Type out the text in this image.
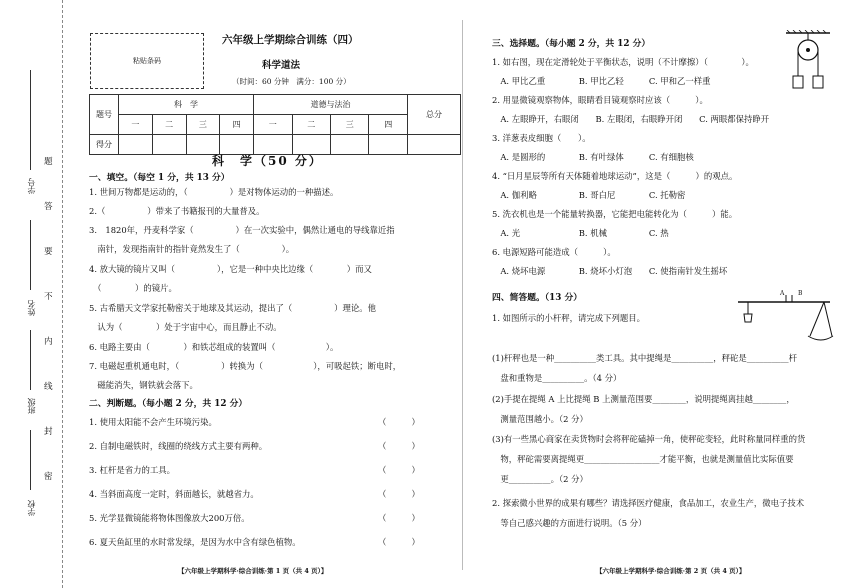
学校
班级
姓名
学号
密
封
线
内
不
要
答
题
粘贴条码
六年级上学期综合训练（四）
科学道法
（时间：60 分钟　满分：100 分）
题号	科　学				道德与法治				总分
	一	二	三	四	一	二	三	四	
得分									
科　学（50 分）
一、填空。（每空 1 分，共 13 分）
1. 世间万物都是运动的，（　　　　　）是对物体运动的一种描述。
2.（　　　　　）带来了书籍报刊的大量普及。
3.　1820年，丹麦科学家（　　　　　）在一次实验中，偶然让通电的导线靠近指
　南针，发现指南针的指针竟然发生了（　　　　　）。
4. 放大镜的镜片又叫（　　　　　），它是一种中央比边缘（　　　　）而又
　（　　　　）的镜片。
5. 古希腊天文学家托勒密关于地球及其运动，提出了（　　　　　）理论。他
　认为（　　　　）处于宇宙中心，而且静止不动。
6. 电路主要由（　　　　）和铁芯组成的装置叫（　　　　　　）。
7. 电磁起重机通电时，（　　　　　）转换为（　　　　　　），可吸起铁；断电时，
　磁能消失，钢铁就会落下。
二、判断题。（每小题 2 分，共 12 分）
1. 使用太阳能不会产生环境污染。	（　　　）
2. 自制电磁铁时，线圈的绕线方式主要有两种。	（　　　）
3. 杠杆是省力的工具。	（　　　）
4. 当斜面高度一定时，斜面越长，就越省力。	（　　　）
5. 光学显微镜能将物体图像放大200万倍。	（　　　）
6. 夏天鱼缸里的水时常发绿，是因为水中含有绿色植物。	（　　　）
【六年级上学期科学·综合训练·第 1 页（共 4 页）】
三、选择题。（每小题 2 分，共 12 分）
1. 如右图，现在定滑轮处于平衡状态，说明（不计摩擦）（　　　　）。
　A. 甲比乙重　　　　B. 甲比乙轻　　　C. 甲和乙一样重
2. 用显微镜观察物体，眼睛看目镜观察时应该（　　　）。
　A. 左眼睁开，右眼闭　　B. 左眼闭，右眼睁开闭　　C. 两眼都保持睁开
3. 洋葱表皮细胞（　　）。
　A. 是圆形的　　　　B. 有叶绿体　　　C. 有细胞核
4. “日月星辰等所有天体随着地球运动”，这是（　　　）的观点。
　A. 伽利略　　　　　B. 哥白尼　　　　C. 托勒密
5. 洗衣机也是一个能量转换器，它能把电能转化为（　　　）能。
　A. 光　　　　　　　B. 机械　　　　　C. 热
6. 电源短路可能造成（　　　）。
　A. 烧坏电源　　　　B. 烧坏小灯泡　　C. 使指南针发生摇坏
四、简答题。（13 分）	A B
1. 如图所示的小杆秤，请完成下列题目。
(1)杆秤也是一种__________类工具。其中提绳是__________，秤砣是__________杆
　盘和重物是__________。（4 分）
(2)手提在提绳 A 上比提绳 B 上测量范围要________，说明提绳离挂越________，
　测量范围越小。（2 分）
(3)有一些黑心商家在卖货物时会将秤砣磕掉一角，使秤砣变轻，此时称量同样重的货
　物，秤砣需要离提绳更__________________才能平衡，也就是测量值比实际值要
　更__________。（2 分）
2. 探索微小世界的成果有哪些？请选择医疗健康，食品加工，农业生产，微电子技术
　等自己感兴趣的方面进行说明。（5 分）
【六年级上学期科学·综合训练·第 2 页（共 4 页）】
